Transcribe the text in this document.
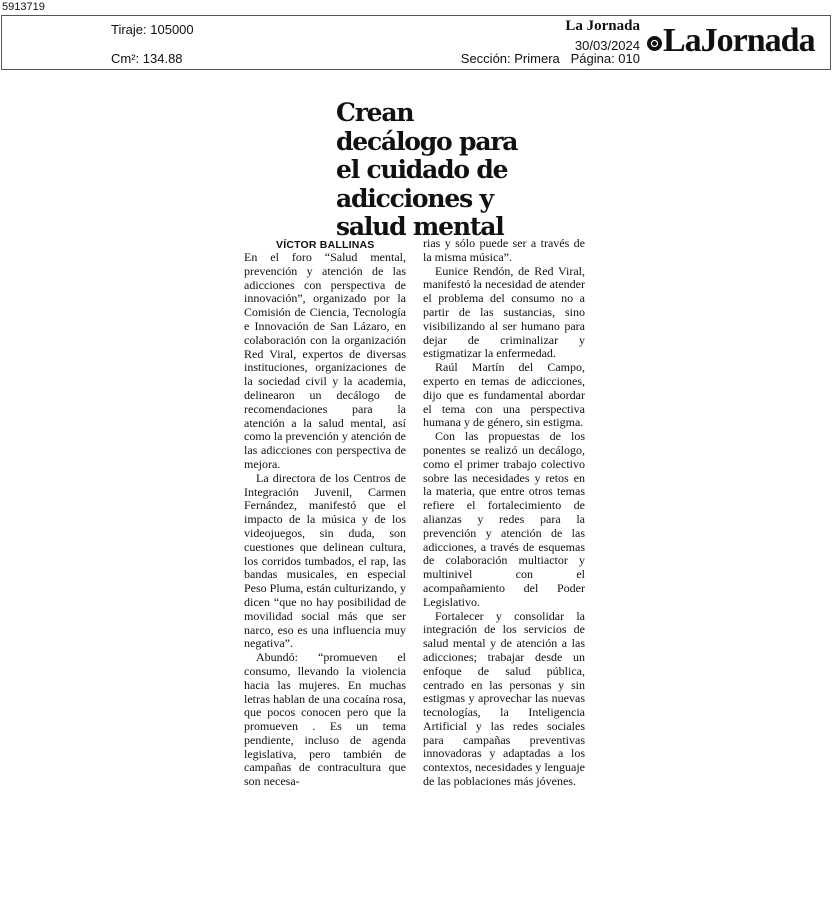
5913719
Tiraje: 105000
Cm²: 134.88
La Jornada
30/03/2024
Sección: Primera   Página: 010 LaJornada
Crean decálogo para el cuidado de adicciones y salud mental
VÍCTOR BALLINAS

En el foro “Salud mental, prevención y atención de las adicciones con perspectiva de innovación”, organizado por la Comisión de Ciencia, Tecnología e Innovación de San Lázaro, en colaboración con la organización Red Viral, expertos de diversas instituciones, organizaciones de la sociedad civil y la academia, delinearon un decálogo de recomendaciones para la atención a la salud mental, así como la prevención y atención de las adicciones con perspectiva de mejora.

La directora de los Centros de Integración Juvenil, Carmen Fernández, manifestó que el impacto de la música y de los videojuegos, sin duda, son cuestiones que delinean cultura, los corridos tumbados, el rap, las bandas musicales, en especial Peso Pluma, están culturizando, y dicen “que no hay posibilidad de movilidad social más que ser narco, eso es una influencia muy negativa”.

Abundó: “promueven el consumo, llevando la violencia hacia las mujeres. En muchas letras hablan de una cocaína rosa, que pocos conocen pero que la promueven . Es un tema pendiente, incluso de agenda legislativa, pero también de campañas de contracultura que son necesa-

rias y sólo puede ser a través de la misma música”.

Eunice Rendón, de Red Viral, manifestó la necesidad de atender el problema del consumo no a partir de las sustancias, sino visibilizando al ser humano para dejar de criminalizar y estigmatizar la enfermedad.

Raúl Martín del Campo, experto en temas de adicciones, dijo que es fundamental abordar el tema con una perspectiva humana y de género, sin estigma.

Con las propuestas de los ponentes se realizó un decálogo, como el primer trabajo colectivo sobre las necesidades y retos en la materia, que entre otros temas refiere el fortalecimiento de alianzas y redes para la prevención y atención de las adicciones, a través de esquemas de colaboración multiactor y multinivel con el acompañamiento del Poder Legislativo.

Fortalecer y consolidar la integración de los servicios de salud mental y de atención a las adicciones; trabajar desde un enfoque de salud pública, centrado en las personas y sin estigmas y aprovechar las nuevas tecnologías, la Inteligencia Artificial y las redes sociales para campañas preventivas innovadoras y adaptadas a los contextos, necesidades y lenguaje de las poblaciones más jóvenes.
